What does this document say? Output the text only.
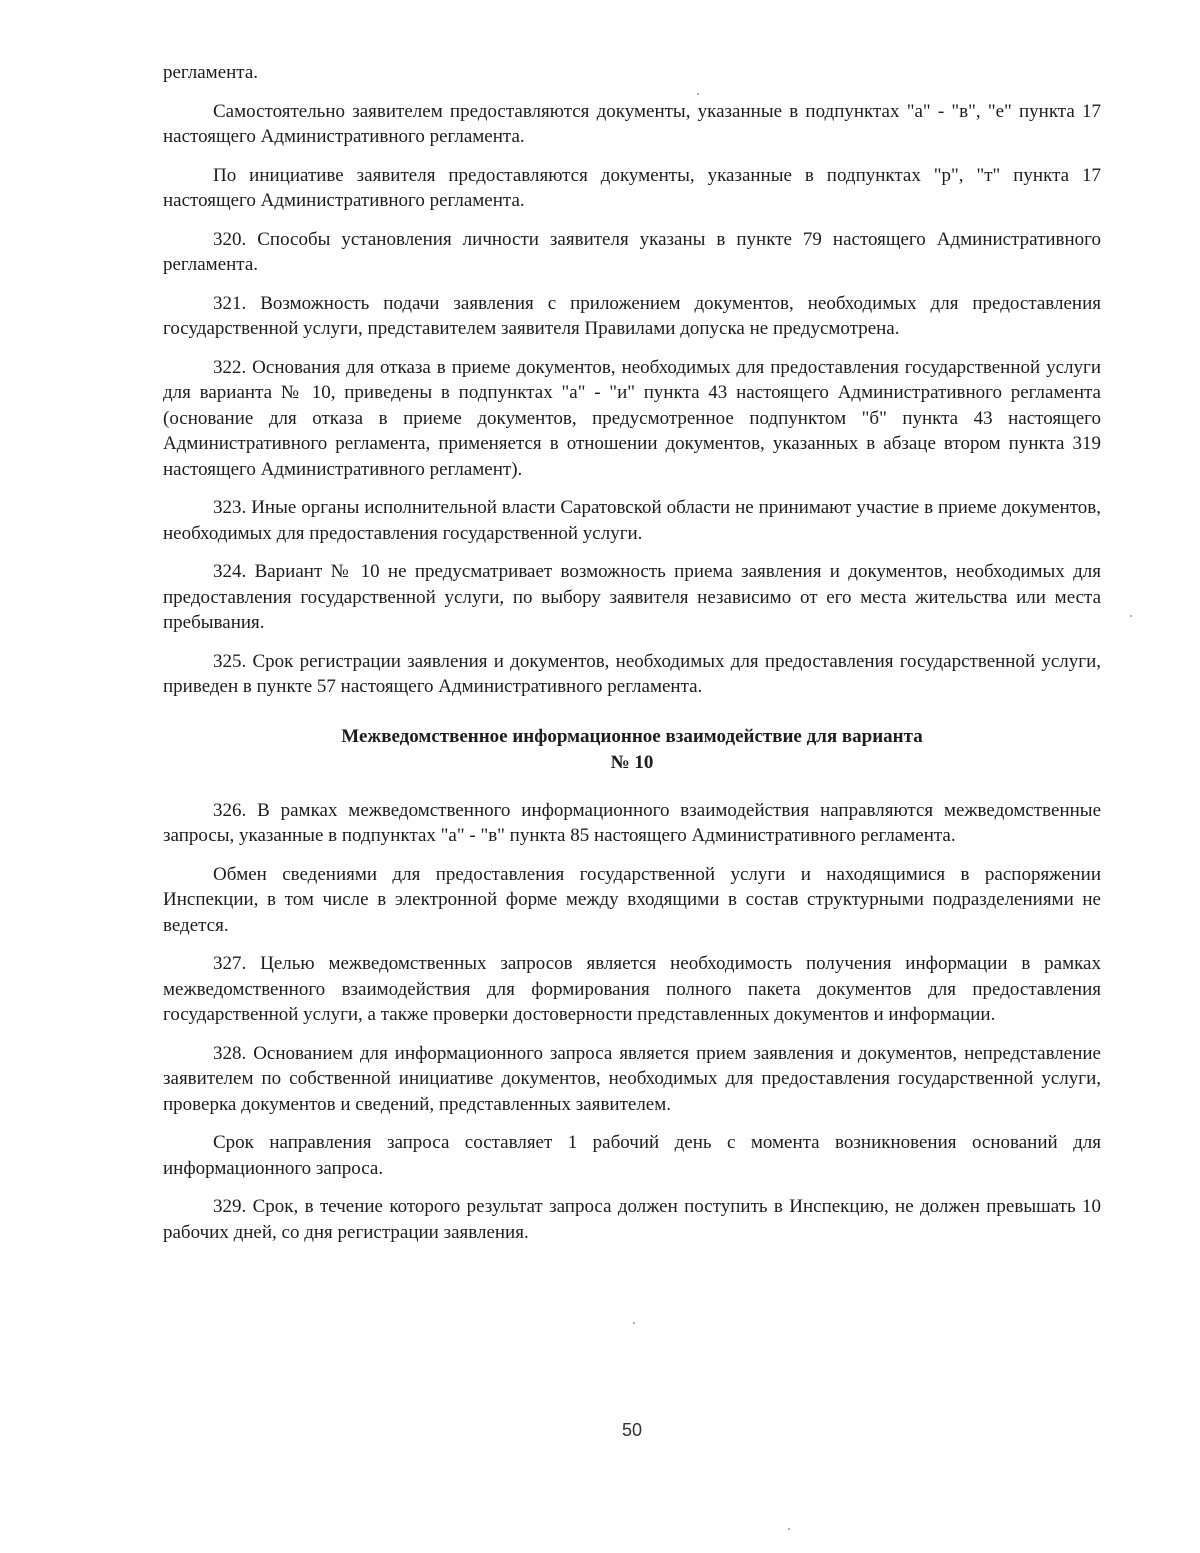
регламента.

Самостоятельно заявителем предоставляются документы, указанные в подпунктах "а" - "в", "е" пункта 17 настоящего Административного регламента.

По инициативе заявителя предоставляются документы, указанные в подпунктах "р", "т" пункта 17 настоящего Административного регламента.

320. Способы установления личности заявителя указаны в пункте 79 настоящего Административного регламента.

321. Возможность подачи заявления с приложением документов, необходимых для предоставления государственной услуги, представителем заявителя Правилами допуска не предусмотрена.

322. Основания для отказа в приеме документов, необходимых для предоставления государственной услуги для варианта № 10, приведены в подпунктах "а" - "и" пункта 43 настоящего Административного регламента (основание для отказа в приеме документов, предусмотренное подпунктом "б" пункта 43 настоящего Административного регламента, применяется в отношении документов, указанных в абзаце втором пункта 319 настоящего Административного регламент).

323. Иные органы исполнительной власти Саратовской области не принимают участие в приеме документов, необходимых для предоставления государственной услуги.

324. Вариант № 10 не предусматривает возможность приема заявления и документов, необходимых для предоставления государственной услуги, по выбору заявителя независимо от его места жительства или места пребывания.

325. Срок регистрации заявления и документов, необходимых для предоставления государственной услуги, приведен в пункте 57 настоящего Административного регламента.

Межведомственное информационное взаимодействие для варианта
№ 10

326. В рамках межведомственного информационного взаимодействия направляются межведомственные запросы, указанные в подпунктах "а" - "в" пункта 85 настоящего Административного регламента.

Обмен сведениями для предоставления государственной услуги и находящимися в распоряжении Инспекции, в том числе в электронной форме между входящими в состав структурными подразделениями не ведется.

327. Целью межведомственных запросов является необходимость получения информации в рамках межведомственного взаимодействия для формирования полного пакета документов для предоставления государственной услуги, а также проверки достоверности представленных документов и информации.

328. Основанием для информационного запроса является прием заявления и документов, непредставление заявителем по собственной инициативе документов, необходимых для предоставления государственной услуги, проверка документов и сведений, представленных заявителем.

Срок направления запроса составляет 1 рабочий день с момента возникновения оснований для информационного запроса.

329. Срок, в течение которого результат запроса должен поступить в Инспекцию, не должен превышать 10 рабочих дней, со дня регистрации заявления.

50
